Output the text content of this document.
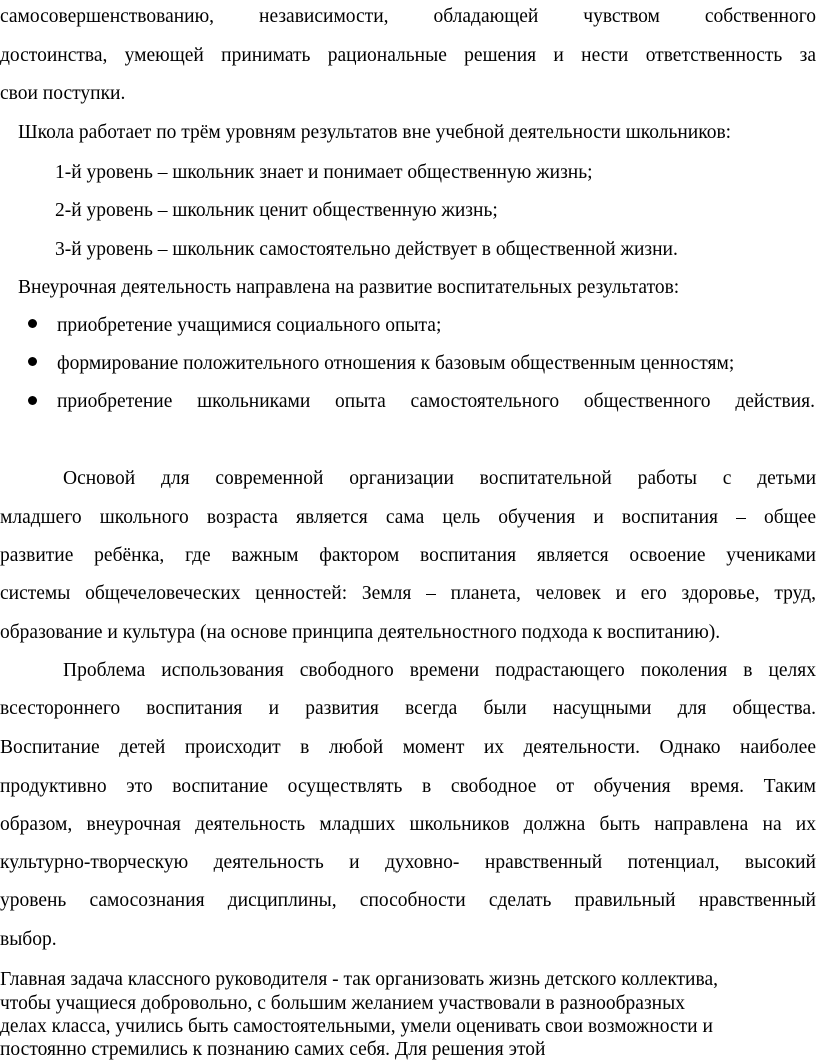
самосовершенствованию, независимости, обладающей чувством собственного
достоинства, умеющей принимать рациональные решения и нести ответственность за
свои поступки.
Школа работает по трём уровням результатов вне учебной деятельности школьников:
1-й уровень – школьник знает и понимает общественную жизнь;
2-й уровень – школьник ценит общественную жизнь;
3-й уровень – школьник самостоятельно действует в общественной жизни.
Внеурочная деятельность направлена на развитие воспитательных результатов:
приобретение учащимися социального опыта;
формирование положительного отношения к базовым общественным ценностям;
приобретение школьниками опыта самостоятельного общественного действия.
Основой для современной организации воспитательной работы с детьми
младшего школьного возраста является сама цель обучения и воспитания – общее
развитие ребёнка, где важным фактором воспитания является освоение учениками
системы общечеловеческих ценностей: Земля – планета, человек и его здоровье, труд,
образование и культура (на основе принципа деятельностного подхода к воспитанию).
Проблема использования свободного времени подрастающего поколения в целях
всестороннего воспитания и развития всегда были насущными для общества.
Воспитание детей происходит в любой момент их деятельности. Однако наиболее
продуктивно это воспитание осуществлять в свободное от обучения время. Таким
образом, внеурочная деятельность младших школьников должна быть направлена на их
культурно-творческую деятельность и духовно- нравственный потенциал, высокий
уровень самосознания дисциплины, способности сделать правильный нравственный
выбор.
Главная задача классного руководителя - так организовать жизнь детского коллектива,
чтобы учащиеся добровольно, с большим желанием участвовали в разнообразных
делах класса, учились быть самостоятельными, умели оценивать свои возможности и
постоянно стремились к познанию самих себя. Для решения этой
